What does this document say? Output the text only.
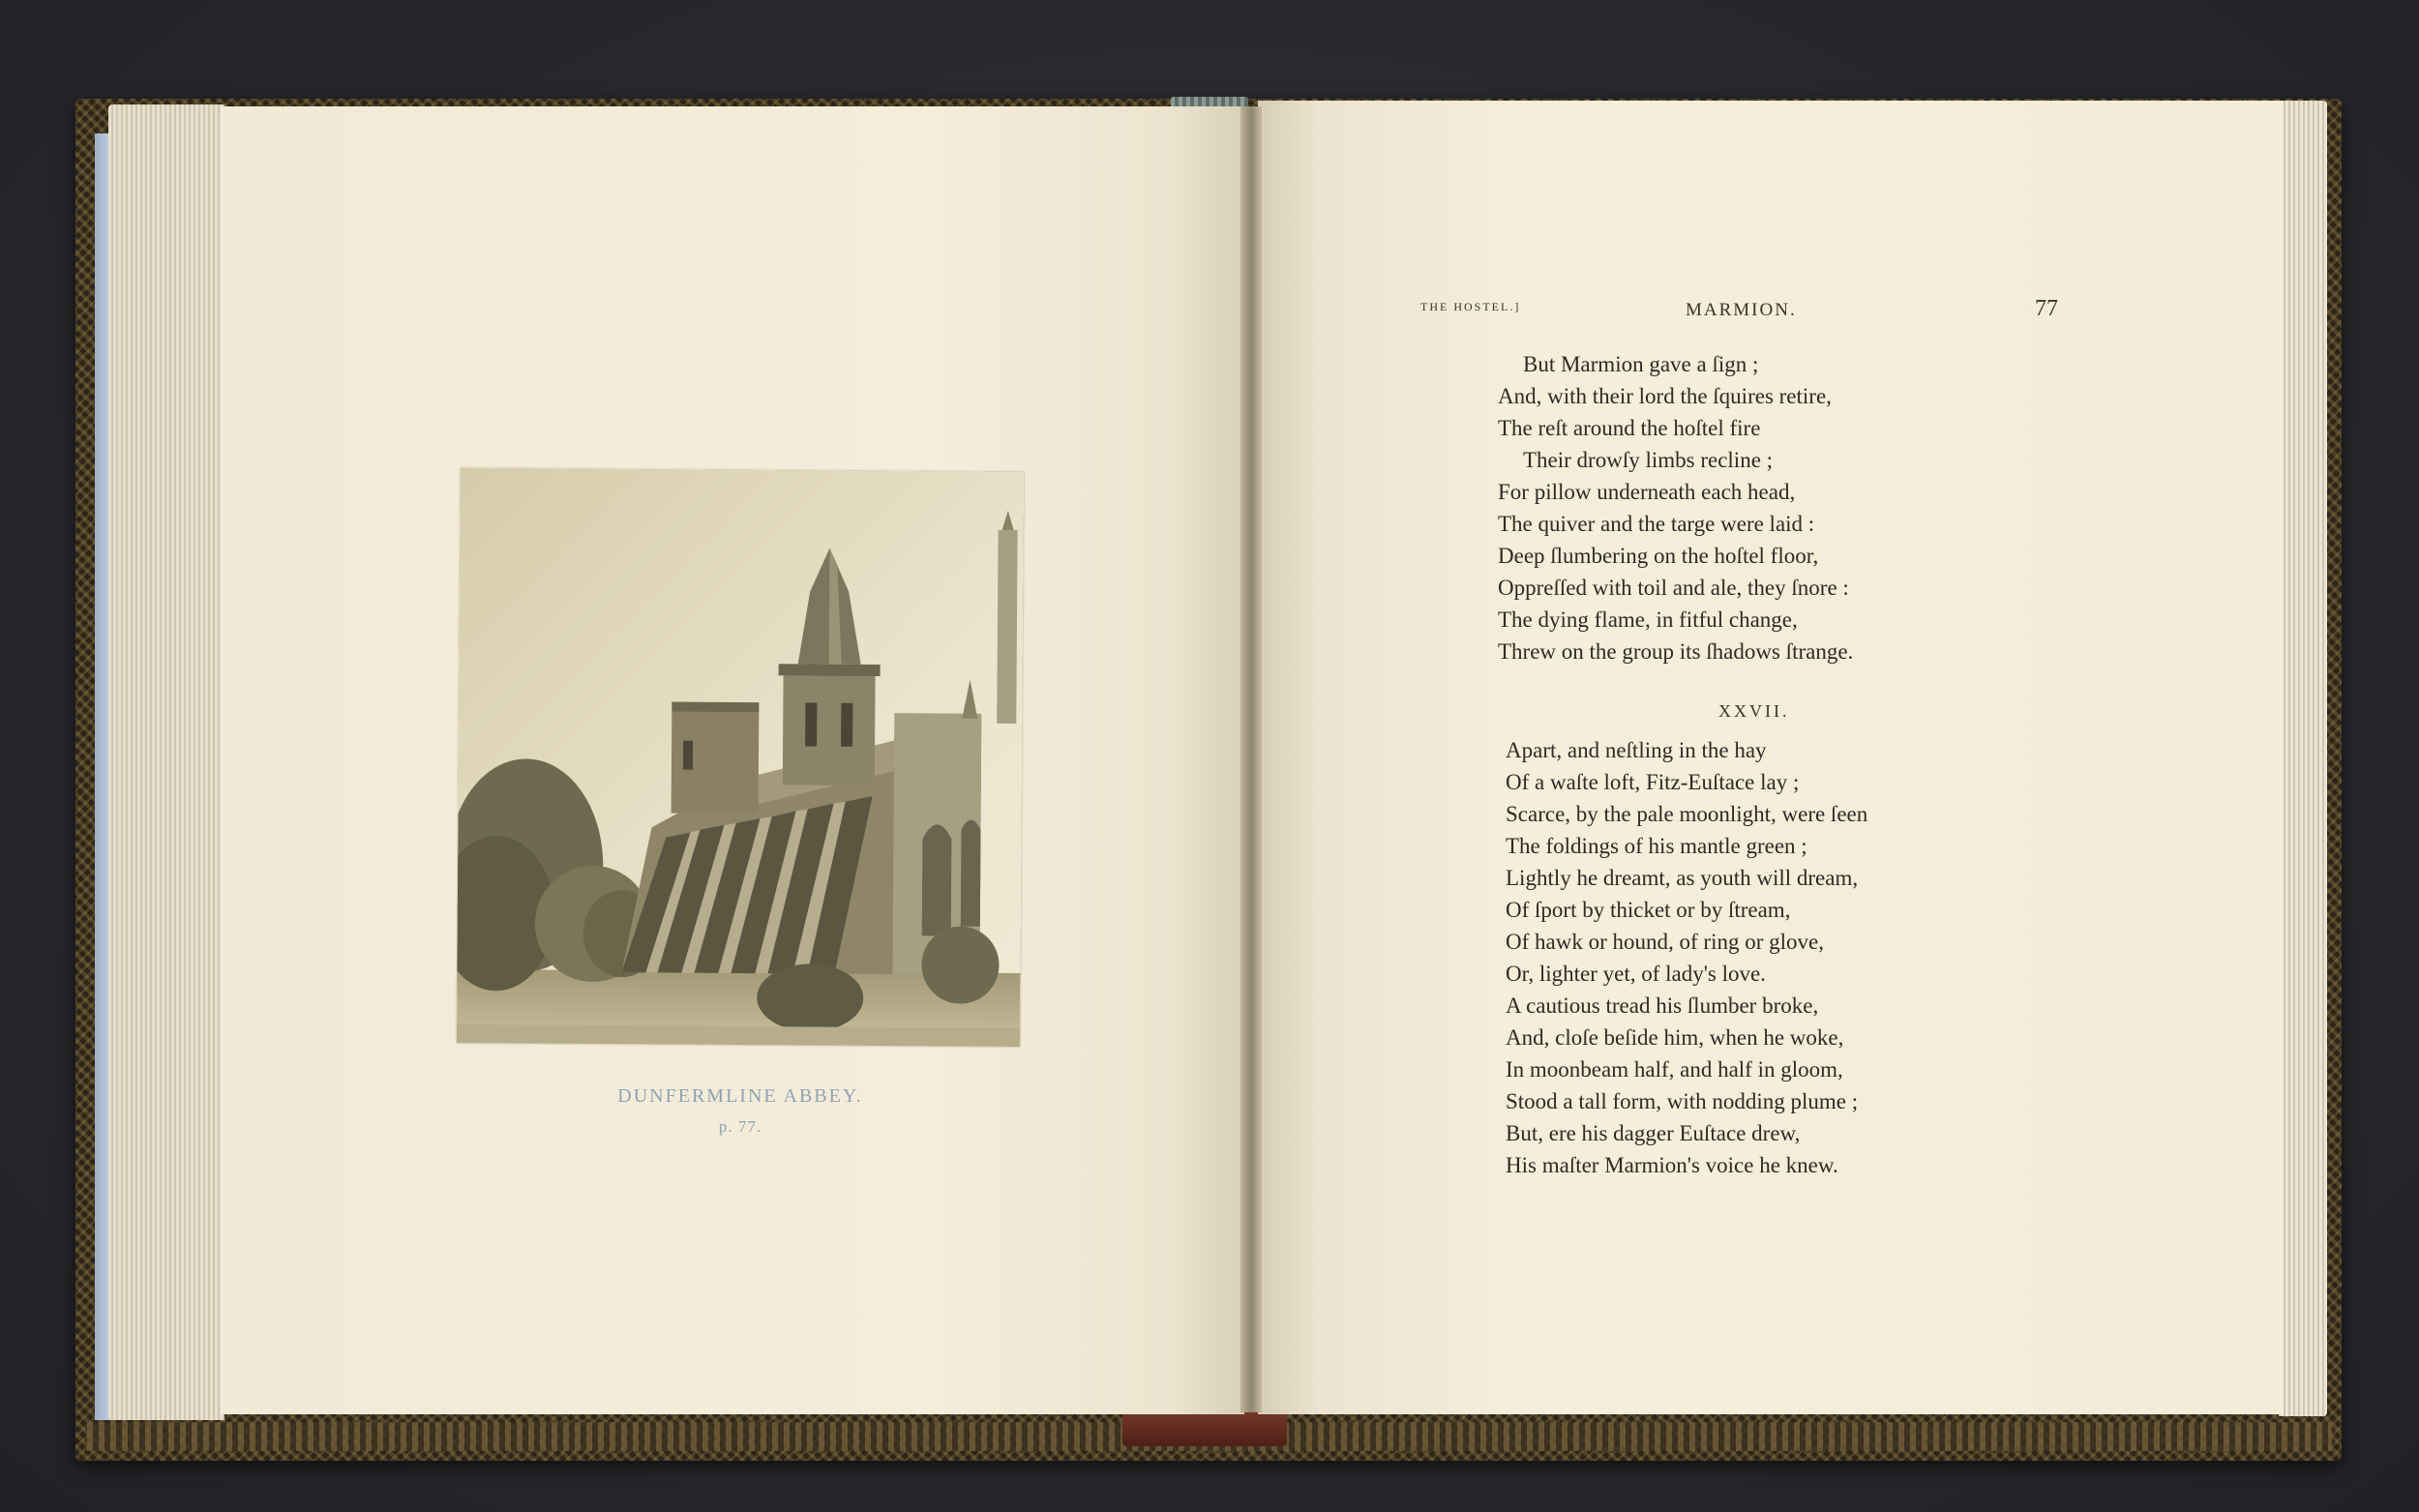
DUNFERMLINE ABBEY.
p. 77.
THE HOSTEL.]	MARMION.	77
But Marmion gave a ſign ;
And, with their lord the ſquires retire,
The reſt around the hoſtel fire
Their drowſy limbs recline ;
For pillow underneath each head,
The quiver and the targe were laid :
Deep ſlumbering on the hoſtel floor,
Oppreſſed with toil and ale, they ſnore :
The dying flame, in fitful change,
Threw on the group its ſhadows ſtrange.
XXVII.
Apart, and neſtling in the hay
Of a waſte loft, Fitz-Euſtace lay ;
Scarce, by the pale moonlight, were ſeen
The foldings of his mantle green ;
Lightly he dreamt, as youth will dream,
Of ſport by thicket or by ſtream,
Of hawk or hound, of ring or glove,
Or, lighter yet, of lady's love.
A cautious tread his ſlumber broke,
And, cloſe beſide him, when he woke,
In moonbeam half, and half in gloom,
Stood a tall form, with nodding plume ;
But, ere his dagger Euſtace drew,
His maſter Marmion's voice he knew.
